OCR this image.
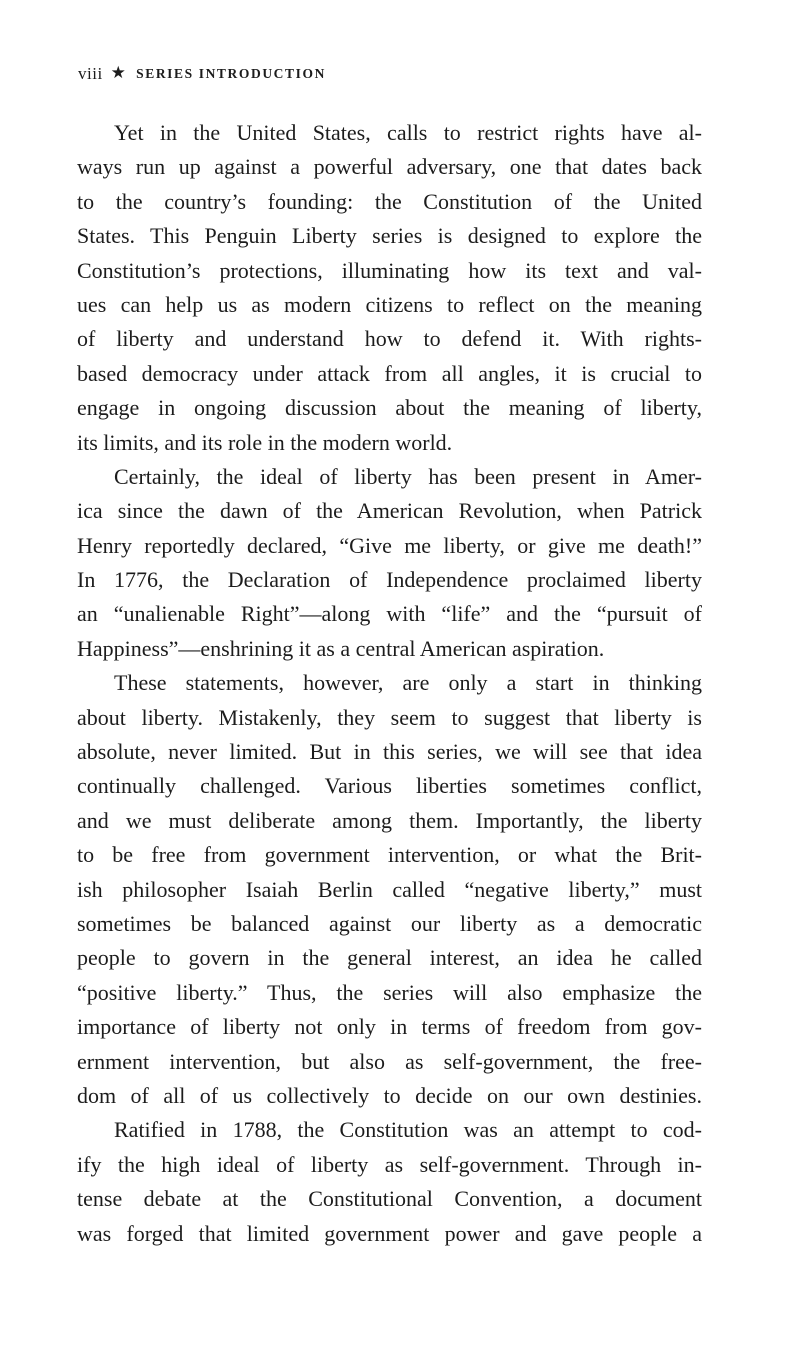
viii ★ SERIES INTRODUCTION
Yet in the United States, calls to restrict rights have al-
ways run up against a powerful adversary, one that dates back
to the country’s founding: the Constitution of the United
States. This Penguin Liberty series is designed to explore the
Constitution’s protections, illuminating how its text and val-
ues can help us as modern citizens to reflect on the meaning
of liberty and understand how to defend it. With rights-
based democracy under attack from all angles, it is crucial to
engage in ongoing discussion about the meaning of liberty,
its limits, and its role in the modern world.
Certainly, the ideal of liberty has been present in Amer-
ica since the dawn of the American Revolution, when Patrick
Henry reportedly declared, “Give me liberty, or give me death!”
In 1776, the Declaration of Independence proclaimed liberty
an “unalienable Right”—along with “life” and the “pursuit of
Happiness”—enshrining it as a central American aspiration.
These statements, however, are only a start in thinking
about liberty. Mistakenly, they seem to suggest that liberty is
absolute, never limited. But in this series, we will see that idea
continually challenged. Various liberties sometimes conflict,
and we must deliberate among them. Importantly, the liberty
to be free from government intervention, or what the Brit-
ish philosopher Isaiah Berlin called “negative liberty,” must
sometimes be balanced against our liberty as a democratic
people to govern in the general interest, an idea he called
“positive liberty.” Thus, the series will also emphasize the
importance of liberty not only in terms of freedom from gov-
ernment intervention, but also as self-government, the free-
dom of all of us collectively to decide on our own destinies.
Ratified in 1788, the Constitution was an attempt to cod-
ify the high ideal of liberty as self-government. Through in-
tense debate at the Constitutional Convention, a document
was forged that limited government power and gave people a
